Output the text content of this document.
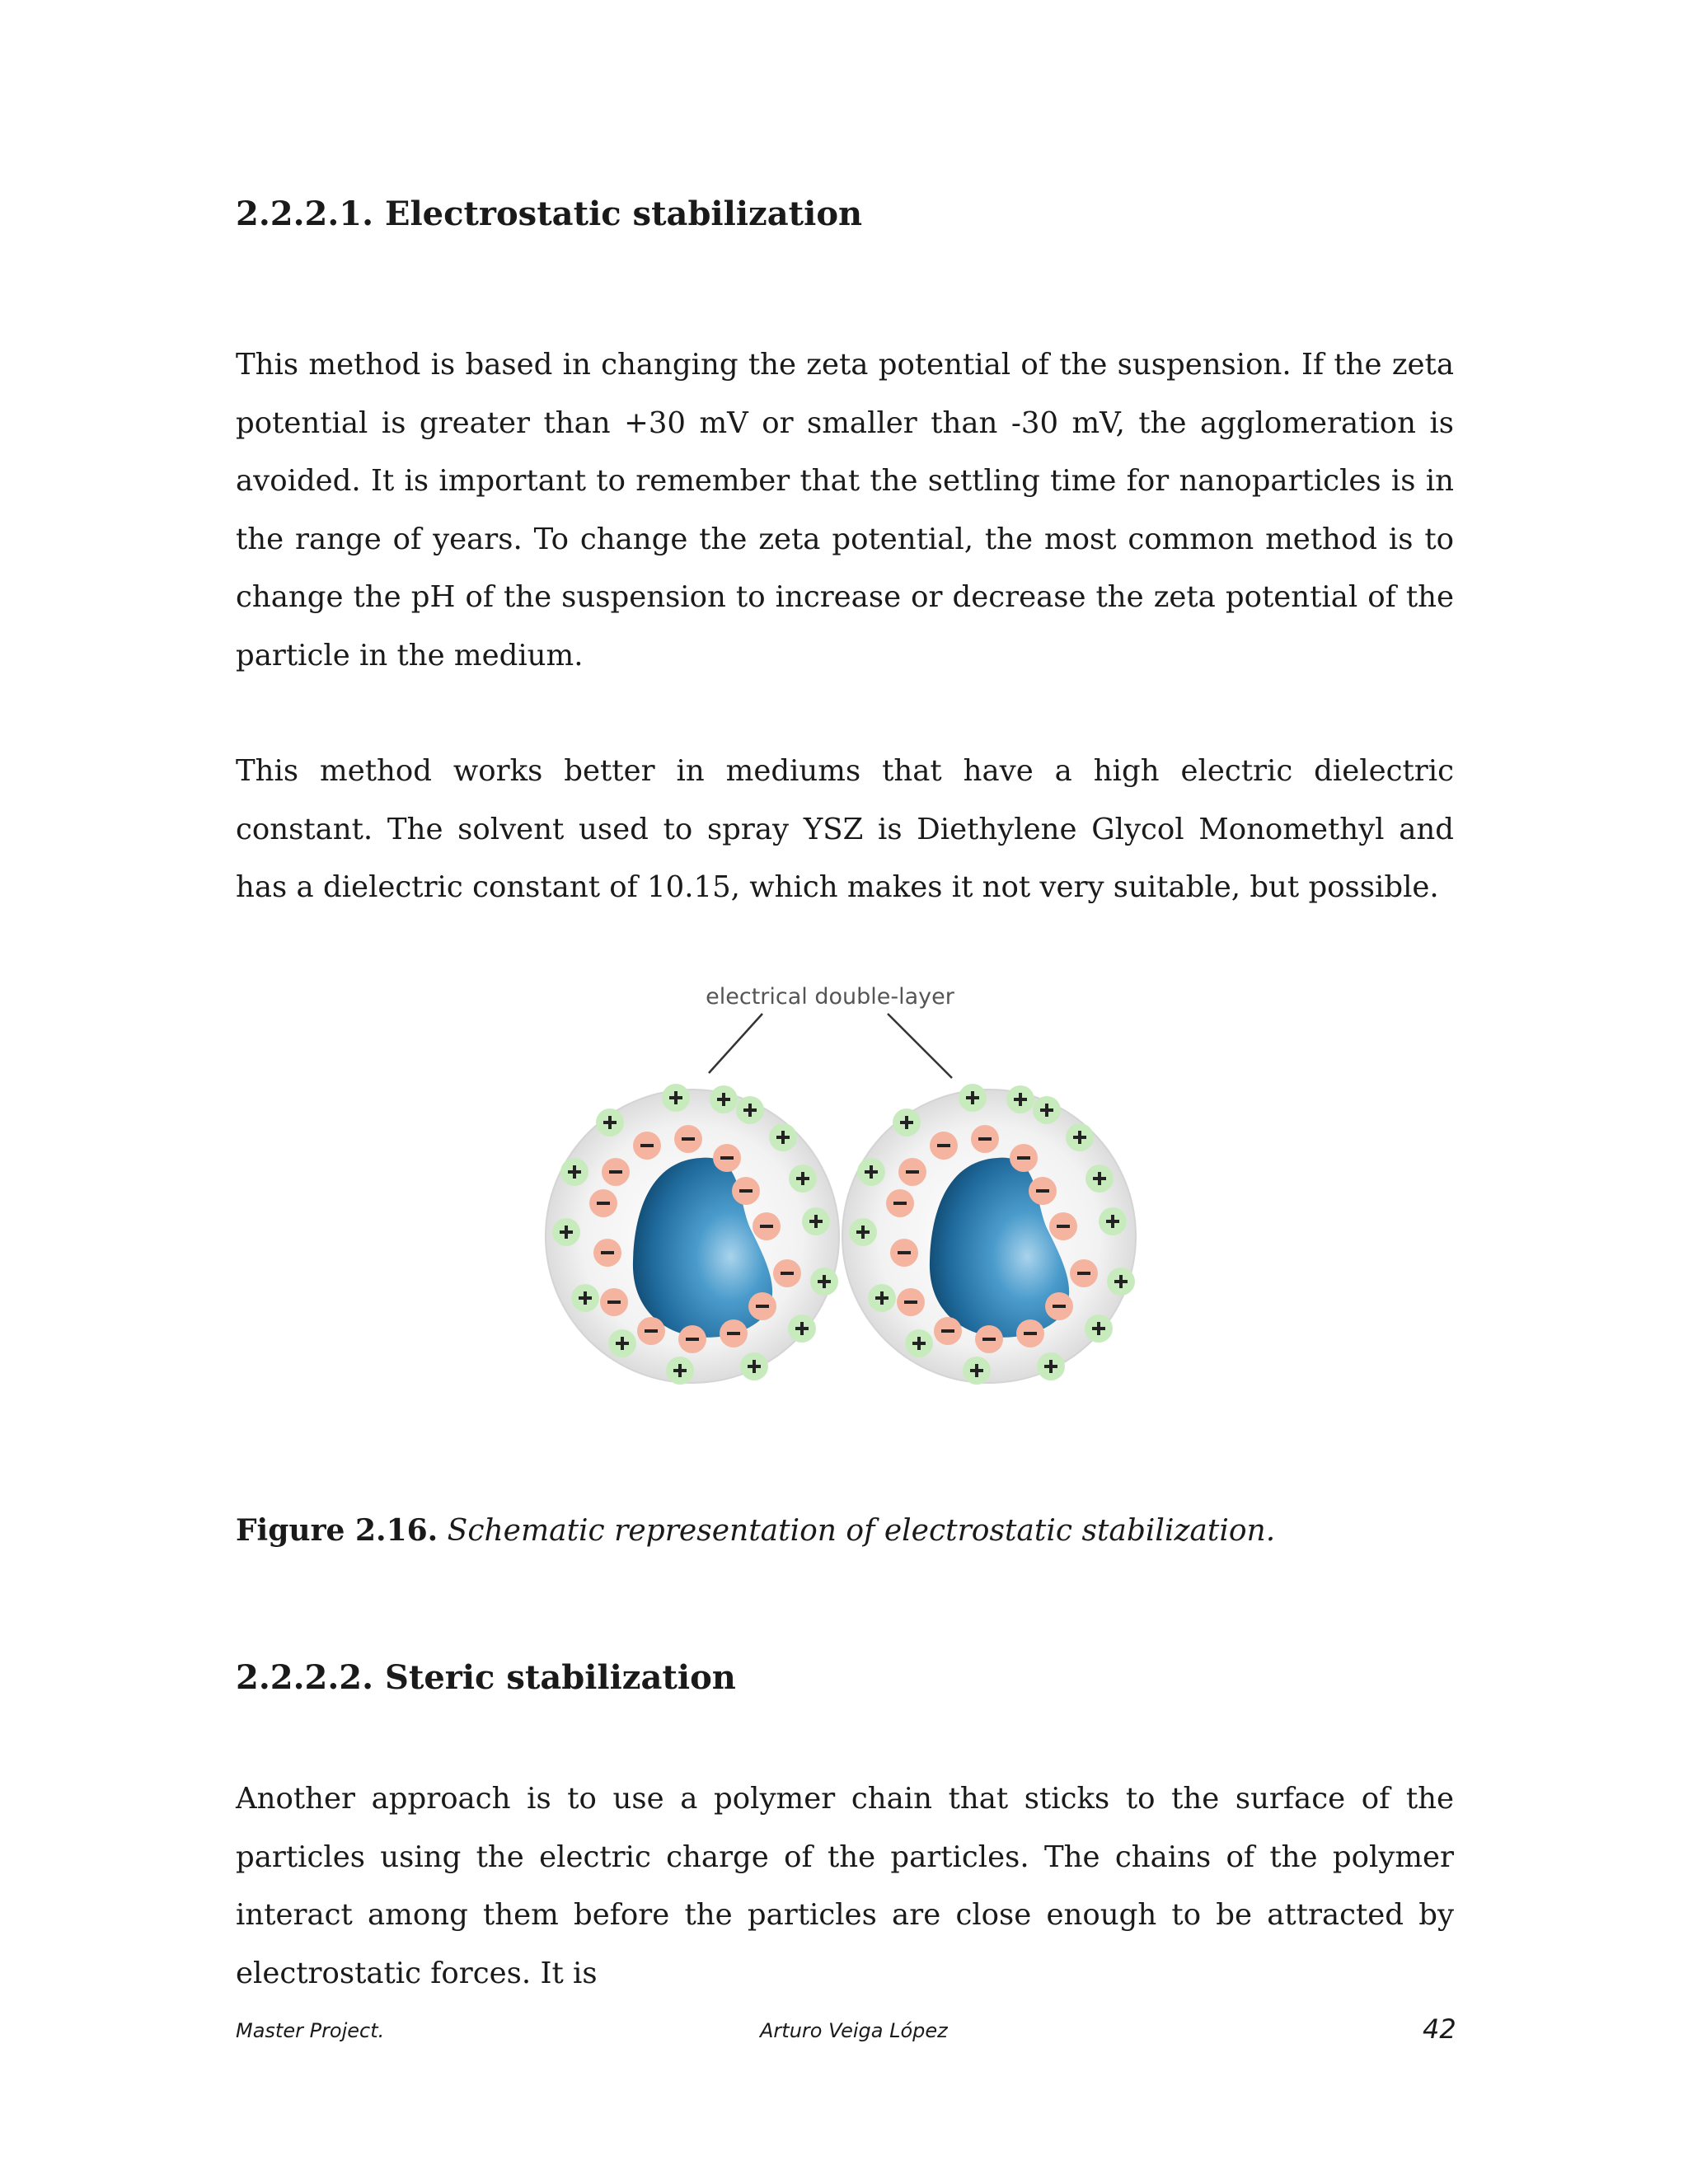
2.2.2.1. Electrostatic stabilization

This method is based in changing the zeta potential of the suspension. If the zeta potential is greater than +30 mV or smaller than -30 mV, the agglomeration is avoided. It is important to remember that the settling time for nanoparticles is in the range of years. To change the zeta potential, the most common method is to change the pH of the suspension to increase or decrease the zeta potential of the particle in the medium.

This method works better in mediums that have a high electric dielectric constant. The solvent used to spray YSZ is Diethylene Glycol Monomethyl and has a dielectric constant of 10.15, which makes it not very suitable, but possible.

electrical double-layer

Figure 2.16. Schematic representation of electrostatic stabilization.

2.2.2.2. Steric stabilization

Another approach is to use a polymer chain that sticks to the surface of the particles using the electric charge of the particles. The chains of the polymer interact among them before the particles are close enough to be attracted by electrostatic forces. It is

Master Project.	Arturo Veiga López	42
